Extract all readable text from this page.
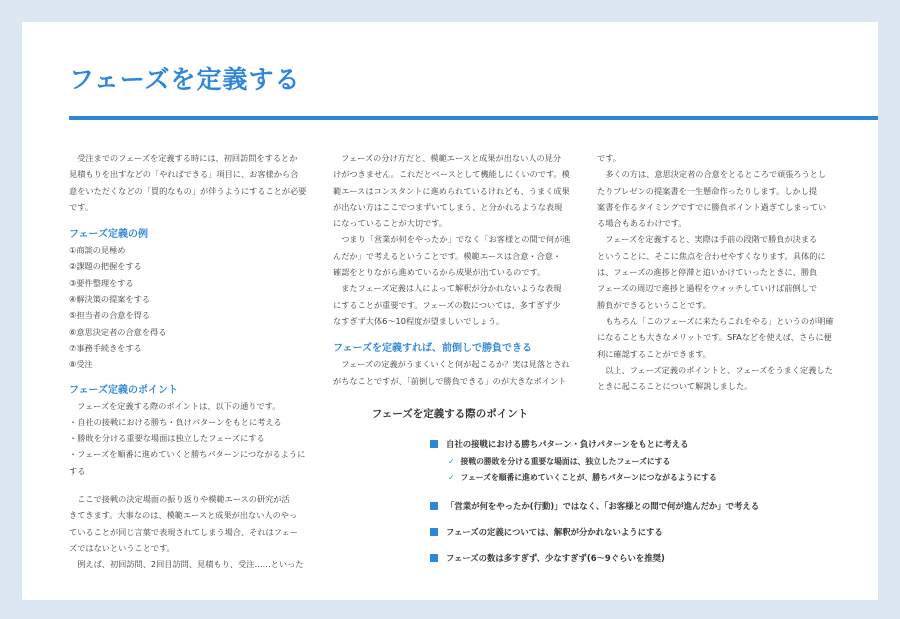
フェーズを定義する

　受注までのフェーズを定義する時には、初回訪問をするとか

見積もりを出すなどの「やればできる」項目に、お客様から合

意をいただくなどの「買的なもの」が伴うようにすることが必要

です。

フェーズ定義の例

①商談の見極め

②課題の把握をする

③要件整理をする

④解決策の提案をする

⑤担当者の合意を得る

⑥意思決定者の合意を得る

⑦事務手続きをする

⑧受注

フェーズ定義のポイント

　フェーズを定義する際のポイントは、以下の通りです。

・自社の接戦における勝ち・負けパターンをもとに考える

・勝敗を分ける重要な場面は独立したフェーズにする

・フェーズを順番に進めていくと勝ちパターンにつながるように

する

　ここで接戦の決定場面の振り返りや模範エースの研究が活

きてきます。大事なのは、模範エースと成果が出ない人のやっ

ていることが同じ言葉で表現されてしまう場合、それはフェー

ズではないということです。

　例えば、初回訪問、2回目訪問、見積もり、受注……といった

　フェーズの分け方だと、模範エースと成果が出ない人の見分

けがつきません。これだとベースとして機能しにくいのです。模

範エースはコンスタントに進められているけれども、うまく成果

が出ない方はここでつまずいてしまう、と分かれるような表現

になっていることが大切です。

　つまり「営業が何をやったか」でなく「お客様との間で何が進

んだか」で考えるということです。模範エースは合意・合意・

確認をとりながら進めているから成果が出ているのです。

　またフェーズ定義は人によって解釈が分かれないような表現

にすることが重要です。フェーズの数については、多すぎず少

なすぎず大体6〜10程度が望ましいでしょう。

フェーズを定義すれば、前倒しで勝負できる

　フェーズの定義がうまくいくと何が起こるか？実は見落とされ

がちなことですが、「前倒しで勝負できる」のが大きなポイント

です。

　多くの方は、意思決定者の合意をとるところで頑張ろうとし

たりプレゼンの提案書を一生懸命作ったりします。しかし提

案書を作るタイミングですでに勝負ポイント過ぎてしまってい

る場合もあるわけです。

　フェーズを定義すると、実際は手前の段階で勝負が決まる

ということに、そこに焦点を合わせやすくなります。具体的に

は、フェーズの進捗と停滞と追いかけていったときに、勝負

フェーズの周辺で進捗と過程をウォッチしていけば前倒しで

勝負ができるということです。

　もちろん「このフェーズに来たらこれをやる」というのが明確

になることも大きなメリットです。SFAなどを使えば、さらに便

利に確認することができます。

　以上、フェーズ定義のポイントと、フェーズをうまく定義した

ときに起こることについて解説しました。

フェーズを定義する際のポイント
自社の接戦における勝ちパターン・負けパターンをもとに考える
✓ 接戦の勝敗を分ける重要な場面は、独立したフェーズにする
✓ フェーズを順番に進めていくことが、勝ちパターンにつながるようにする
「営業が何をやったか(行動)」ではなく、「お客様との間で何が進んだか」で考える
フェーズの定義については、解釈が分かれないようにする
フェーズの数は多すぎず、少なすぎず(6〜9ぐらいを推奨)
